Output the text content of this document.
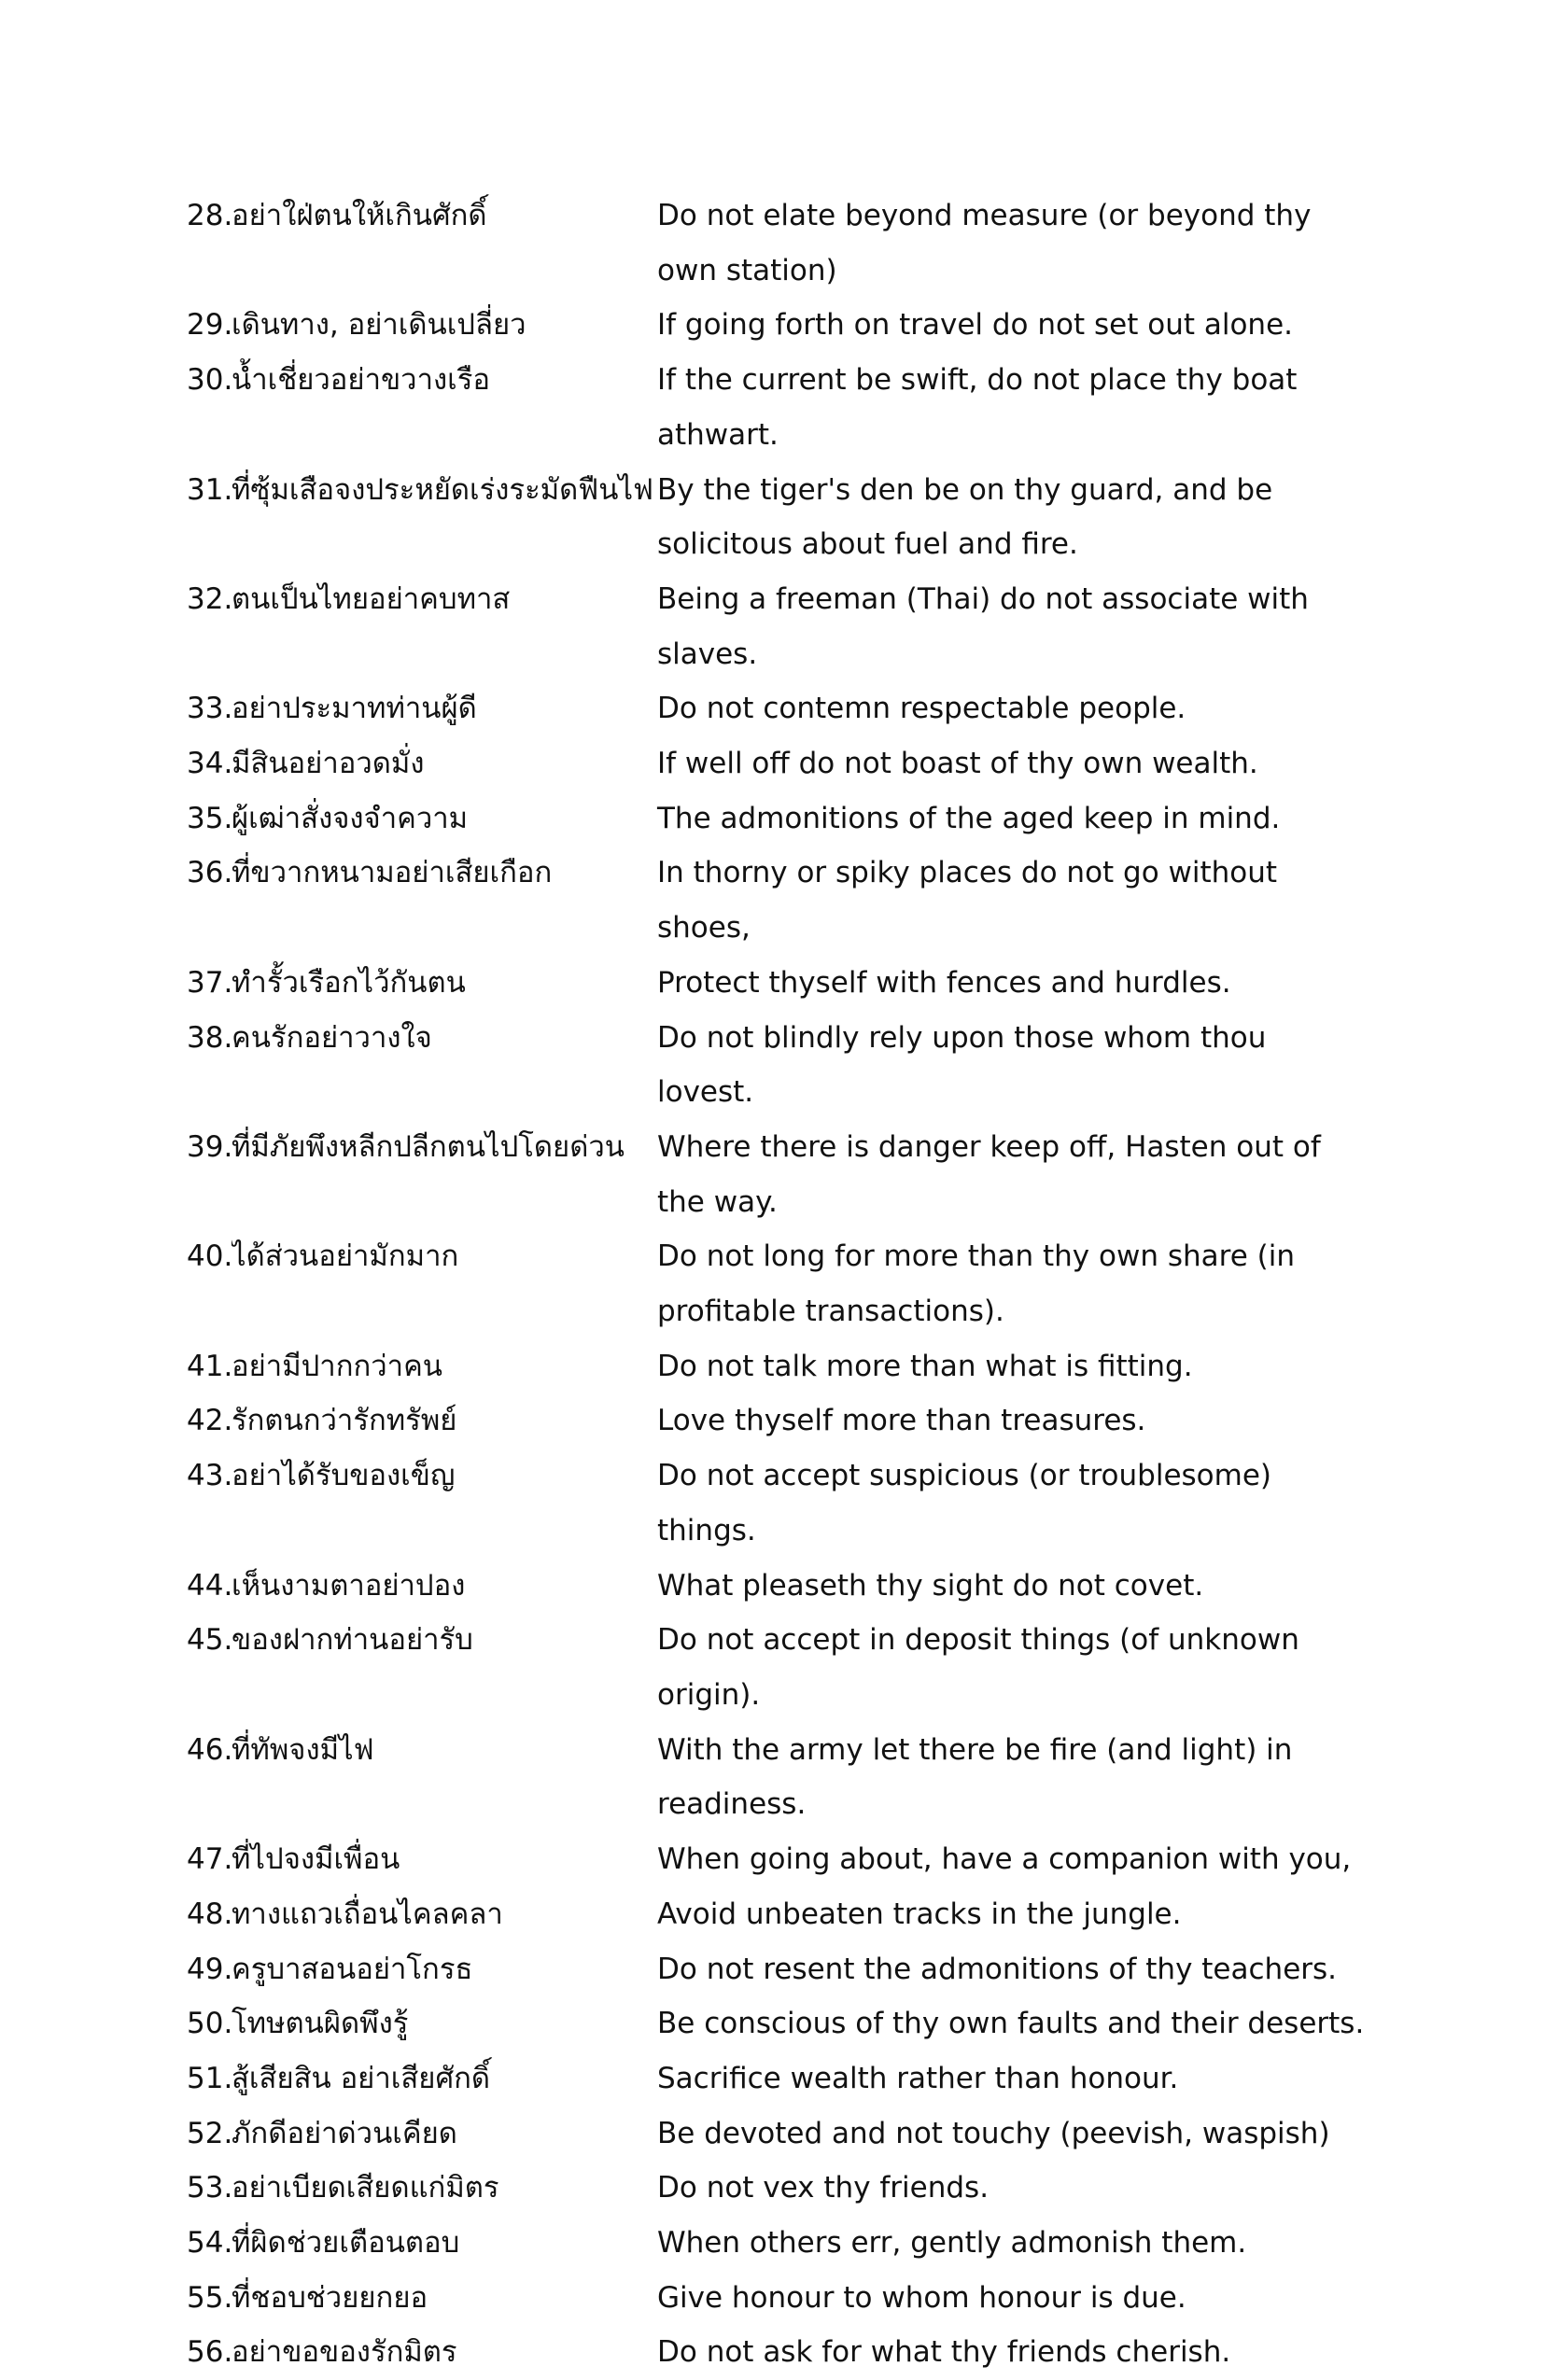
28.
อย่าใฝ่ตนให้เกินศักดิ์	Do not elate beyond measure (or beyond thy own station)
29.
เดินทาง, อย่าเดินเปลี่ยว	If going forth on travel do not set out alone.
30.
น้ำเชี่ยวอย่าขวางเรือ	If the current be swift, do not place thy boat athwart.
31.
ที่ซุ้มเสือจงประหยัดเร่งระมัดฟืนไฟ By the tiger's den be on thy guard, and be solicitous about fuel and fire.
32.
ตนเป็นไทยอย่าคบทาส	Being a freeman (Thai) do not associate with slaves.
33.
อย่าประมาทท่านผู้ดี	Do not contemn respectable people.
34.
มีสินอย่าอวดมั่ง	If well off do not boast of thy own wealth.
35.
ผู้เฒ่าสั่งจงจำความ	The admonitions of the aged keep in mind.
36.
ที่ขวากหนามอย่าเสียเกือก	In thorny or spiky places do not go without shoes,
37.
ทำรั้วเรือกไว้กันตน	Protect thyself with fences and hurdles.
38.
คนรักอย่าวางใจ	Do not blindly rely upon those whom thou lovest.
39.
ที่มีภัยพึงหลีกปลีกตนไปโดยด่วน	Where there is danger keep off, Hasten out of the way.
40.
ได้ส่วนอย่ามักมาก	Do not long for more than thy own share (in profitable transactions).
41.
อย่ามีปากกว่าคน	Do not talk more than what is fitting.
42.
รักตนกว่ารักทรัพย์	Love thyself more than treasures.
43.
อย่าได้รับของเข็ญ	Do not accept suspicious (or troublesome) things.
44.
เห็นงามตาอย่าปอง	What pleaseth thy sight do not covet.
45.
ของฝากท่านอย่ารับ	Do not accept in deposit things (of unknown origin).
46.
ที่ทัพจงมีไฟ	With the army let there be fire (and light) in readiness.
47.
ที่ไปจงมีเพื่อน	When going about, have a companion with you,
48.
ทางแถวเถื่อนไคลคลา	Avoid unbeaten tracks in the jungle.
49.
ครูบาสอนอย่าโกรธ	Do not resent the admonitions of thy teachers.
50.
โทษตนผิดพึงรู้	Be conscious of thy own faults and their deserts.
51.
สู้เสียสิน อย่าเสียศักดิ์	Sacrifice wealth rather than honour.
52.
ภักดีอย่าด่วนเคียด	Be devoted and not touchy (peevish, waspish)
53.
อย่าเบียดเสียดแก่มิตร	Do not vex thy friends.
54.
ที่ผิดช่วยเตือนตอบ	When others err, gently admonish them.
55.
ที่ชอบช่วยยกยอ	Give honour to whom honour is due.
56.
อย่าขอของรักมิตร	Do not ask for what thy friends cherish.
